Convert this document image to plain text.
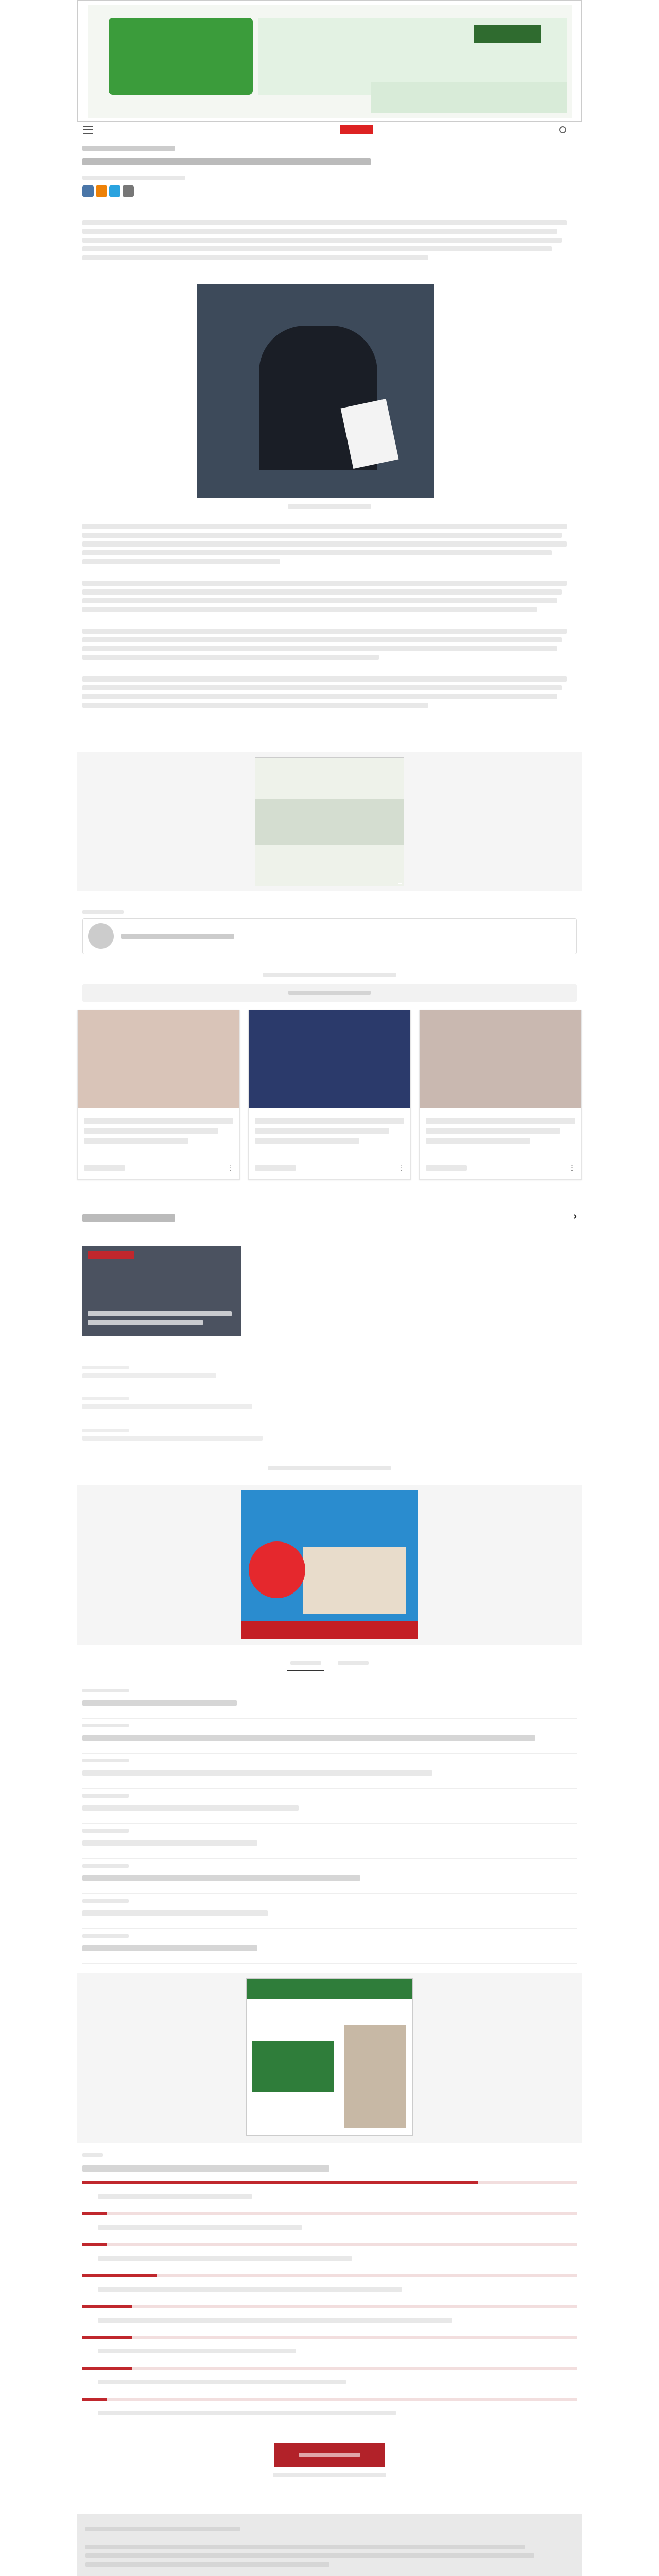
⋮	⋮	⋮
›
